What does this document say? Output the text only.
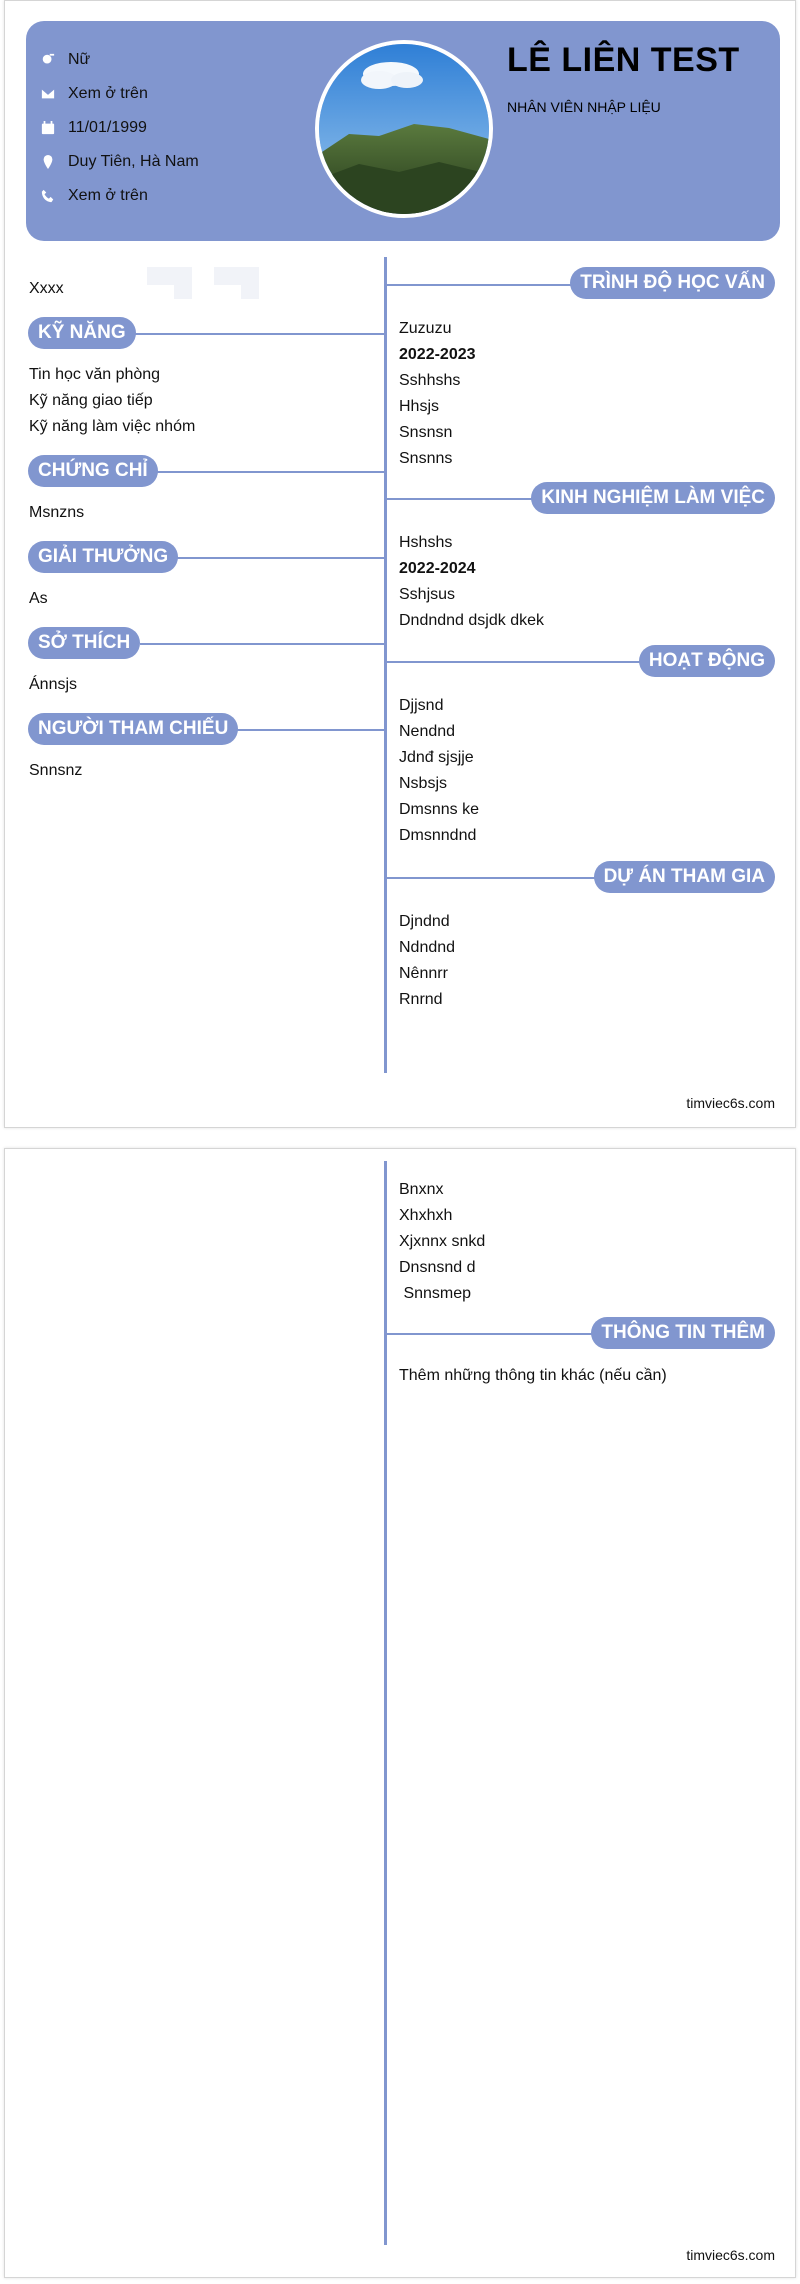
Nữ
Xem ở trên
11/01/1999
Duy Tiên, Hà Nam
Xem ở trên
LÊ LIÊN TEST
NHÂN VIÊN NHẬP LIỆU
Xxxx
KỸ NĂNG
Tin học văn phòng
Kỹ năng giao tiếp
Kỹ năng làm việc nhóm
CHỨNG CHỈ
Msnzns
GIẢI THƯỞNG
As
SỞ THÍCH
Ánnsjs
NGƯỜI THAM CHIẾU
Snnsnz
TRÌNH ĐỘ HỌC VẤN
Zuzuzu
2022-2023
Sshhshs
Hhsjs
Snsnsn
Snsnns
KINH NGHIỆM LÀM VIỆC
Hshshs
2022-2024
Sshjsus
Dndndnd dsjdk dkek
HOẠT ĐỘNG
Djjsnd
Nendnd
Jdnđ sjsjje
Nsbsjs
Dmsnns ke
Dmsnndnd
DỰ ÁN THAM GIA
Djndnd
Ndndnd
Nênnrr
Rnrnd
timviec6s.com
Bnxnx
Xhxhxh
Xjxnnx snkd
Dnsnsnd d
Snnsmep
THÔNG TIN THÊM
Thêm những thông tin khác (nếu cần)
timviec6s.com
